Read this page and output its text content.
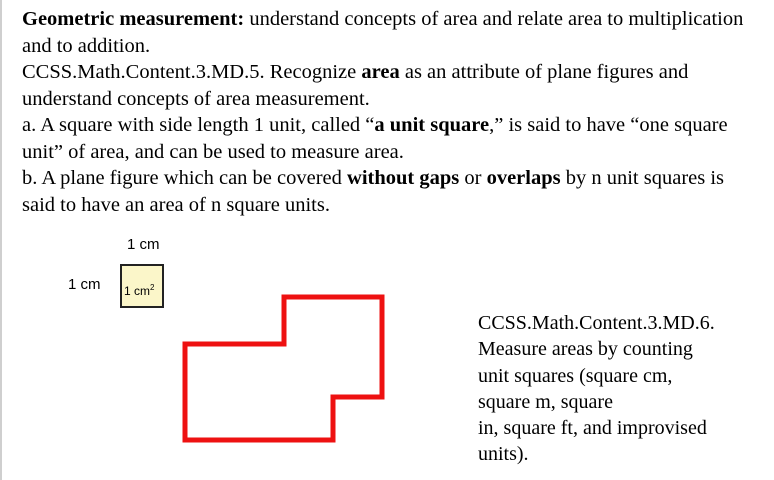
Geometric measurement: understand concepts of area and relate area to multiplication and to addition.

CCSS.Math.Content.3.MD.5. Recognize area as an attribute of plane figures and understand concepts of area measurement.

a. A square with side length 1 unit, called “a unit square,” is said to have “one square unit” of area, and can be used to measure area.

b. A plane figure which can be covered without gaps or overlaps by n unit squares is said to have an area of n square units.

1 cm
1 cm	1 $cm^2$
CCSS.Math.Content.3.MD.6.
Measure areas by counting
unit squares (square cm,
square m, square
in, square ft, and improvised
units).
